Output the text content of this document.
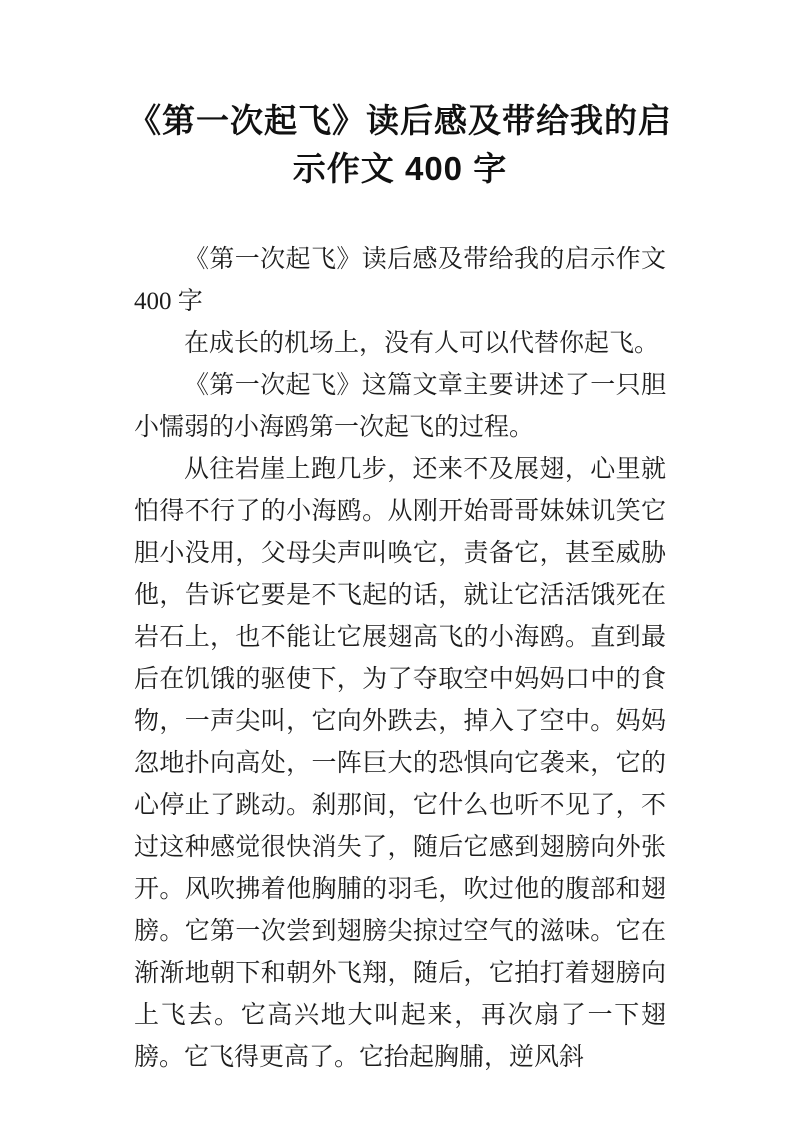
《第一次起飞》读后感及带给我的启示作文 400 字

《第一次起飞》读后感及带给我的启示作文 400 字

在成长的机场上，没有人可以代替你起飞。

《第一次起飞》这篇文章主要讲述了一只胆小懦弱的小海鸥第一次起飞的过程。

从往岩崖上跑几步，还来不及展翅，心里就怕得不行了的小海鸥。从刚开始哥哥妹妹讥笑它胆小没用，父母尖声叫唤它，责备它，甚至威胁他，告诉它要是不飞起的话，就让它活活饿死在岩石上，也不能让它展翅高飞的小海鸥。直到最后在饥饿的驱使下，为了夺取空中妈妈口中的食物，一声尖叫，它向外跌去，掉入了空中。妈妈忽地扑向高处，一阵巨大的恐惧向它袭来，它的心停止了跳动。刹那间，它什么也听不见了，不过这种感觉很快消失了，随后它感到翅膀向外张开。风吹拂着他胸脯的羽毛，吹过他的腹部和翅膀。它第一次尝到翅膀尖掠过空气的滋味。它在渐渐地朝下和朝外飞翔，随后，它拍打着翅膀向上飞去。它高兴地大叫起来，再次扇了一下翅膀。它飞得更高了。它抬起胸脯，逆风斜
